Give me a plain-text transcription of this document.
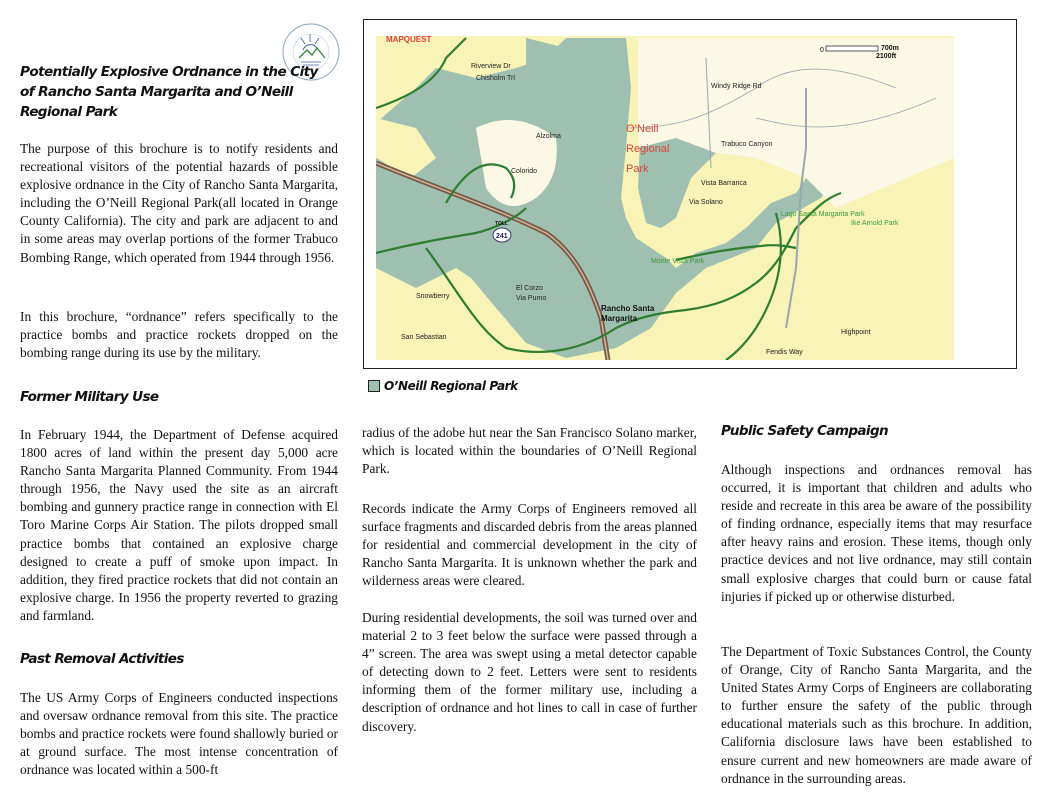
Potentially Explosive Ordnance in the City of Rancho Santa Margarita and O’Neill Regional Park

The purpose of this brochure is to notify residents and recreational visitors of the potential hazards of possible explosive ordnance in the City of Rancho Santa Margarita, including the O’Neill Regional Park(all located in Orange County California). The city and park are adjacent to and in some areas may overlap portions of the former Trabuco Bombing Range, which operated from 1944 through 1956.

In this brochure, “ordnance” refers specifically to the practice bombs and practice rockets dropped on the bombing range during its use by the military.

Former Military Use

In February 1944, the Department of Defense acquired 1800 acres of land within the present day 5,000 acre Rancho Santa Margarita Planned Community. From 1944 through 1956, the Navy used the site as an aircraft bombing and gunnery practice range in connection with El Toro Marine Corps Air Station. The pilots dropped small practice bombs that contained an explosive charge designed to create a puff of smoke upon impact. In addition, they fired practice rockets that did not contain an explosive charge. In 1956 the property reverted to grazing and farmland.

Past Removal Activities

The US Army Corps of Engineers conducted inspections and oversaw ordnance removal from this site. The practice bombs and practice rockets were found shallowly buried or at ground surface. The most intense concentration of ordnance was located within a 500-ft

241
TOLL
MAPQUEST
O’Neill
Regional
Park
Rancho Santa
Margarita
Monte Vista Park
Lago Santa Margarita Park
Ike Arnold Park
Windy Ridge Rd
Trabuco Canyon
Riverview Dr
Chisholm Trl
Alzolma
Colorido
Vista Barranca
Via Solano
El Corzo
Via Pumo
San Sebastian
Highpoint
Snowberry
Fendis Way
0	700m
2100ft
O’Neill Regional Park

radius of the adobe hut near the San Francisco Solano marker, which is located within the boundaries of O’Neill Regional Park.

Records indicate the Army Corps of Engineers removed all surface fragments and discarded debris from the areas planned for residential and commercial development in the city of Rancho Santa Margarita. It is unknown whether the park and wilderness areas were cleared.

During residential developments, the soil was turned over and material 2 to 3 feet below the surface were passed through a 4” screen. The area was swept using a metal detector capable of detecting down to 2 feet. Letters were sent to residents informing them of the former military use, including a description of ordnance and hot lines to call in case of further discovery.

Public Safety Campaign

Although inspections and ordnances removal has occurred, it is important that children and adults who reside and recreate in this area be aware of the possibility of finding ordnance, especially items that may resurface after heavy rains and erosion. These items, though only practice devices and not live ordnance, may still contain small explosive charges that could burn or cause fatal injuries if picked up or otherwise disturbed.

The Department of Toxic Substances Control, the County of Orange, City of Rancho Santa Margarita, and the United States Army Corps of Engineers are collaborating to further ensure the safety of the public through educational materials such as this brochure. In addition, California disclosure laws have been established to ensure current and new homeowners are made aware of ordnance in the surrounding areas.
